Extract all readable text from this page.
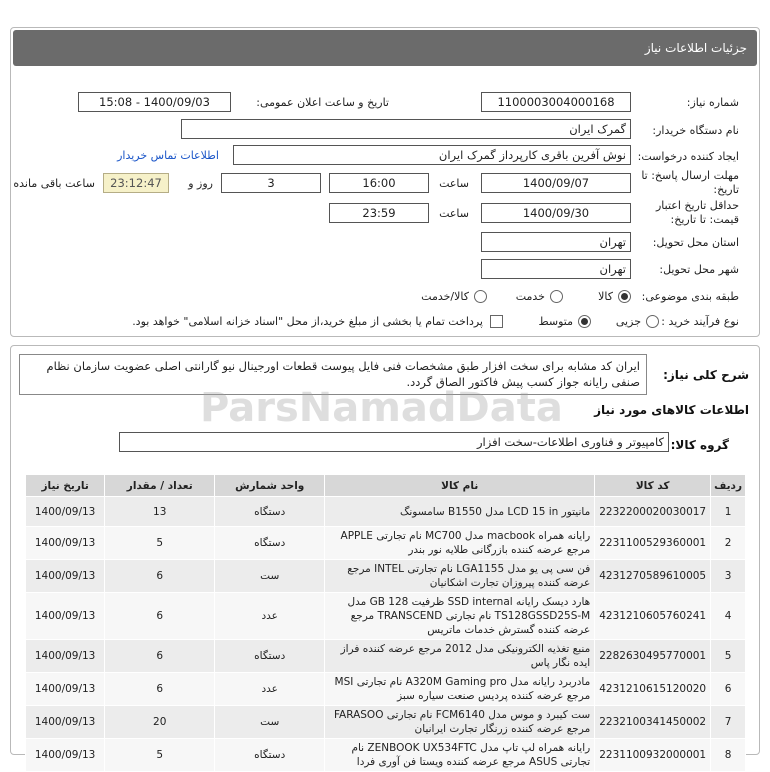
جزئیات اطلاعات نیاز
شماره نیاز:
1100003004000168
تاریخ و ساعت اعلان عمومی:
1400/09/03 - 15:08
نام دستگاه خریدار:
گمرک ایران
ایجاد کننده درخواست:
نوش آفرین باقری کارپرداز گمرک ایران
اطلاعات تماس خریدار
مهلت ارسال پاسخ: تا
تاریخ:
1400/09/07
ساعت
16:00
3
روز و
23:12:47
ساعت باقی مانده
حداقل تاریخ اعتبار
قیمت: تا تاریخ:
1400/09/30
ساعت
23:59
استان محل تحویل:
تهران
شهر محل تحویل:
تهران
طبقه بندی موضوعی:
کالا
خدمت
کالا/خدمت
نوع فرآیند خرید :
جزیی
متوسط
پرداخت تمام یا بخشی از مبلغ خرید،از محل "اسناد خزانه اسلامی" خواهد بود.
شرح کلی نیاز:
ایران کد مشابه برای سخت افزار طبق مشخصات فنی فایل پیوست قطعات اورجینال نیو گارانتی اصلی عضویت سازمان نظام صنفی رایانه جواز کسب پیش فاکتور الصاق گردد.
اطلاعات کالاهای مورد نیاز
گروه کالا:
کامپیوتر و فناوری اطلاعات-سخت افزار
ردیف	کد کالا	نام کالا	واحد شمارش	تعداد / مقدار	تاریخ نیاز
1	2232200020030017	مانیتور LCD 15 in مدل B1550 سامسونگ	دستگاه	13	1400/09/13
2	2231100529360001	رایانه همراه macbook مدل MC700 نام تجارتی APPLE مرجع عرضه کننده بازرگانی طلایه نور بندر	دستگاه	5	1400/09/13
3	4231270589610005	فن سی پی یو مدل LGA1155 نام تجارتی INTEL مرجع عرضه کننده پیروزان تجارت اشکانیان	ست	6	1400/09/13
4	4231210605760241	هارد دیسک رایانه SSD internal ظرفیت GB 128 مدل TS128GSSD25S-M نام تجارتی TRANSCEND مرجع عرضه کننده گسترش خدمات ماتریس	عدد	6	1400/09/13
5	2282630495770001	منبع تغذیه الکترونیکی مدل 2012 مرجع عرضه کننده فراز ایده نگار پاس	دستگاه	6	1400/09/13
6	4231210615120020	مادربرد رایانه مدل A320M Gaming pro نام تجارتی MSI مرجع عرضه کننده پردیس صنعت سیاره سبز	عدد	6	1400/09/13
7	2232100341450002	ست کیبرد و موس مدل FCM6140 نام تجارتی FARASOO مرجع عرضه کننده زرنگار تجارت ایرانیان	ست	20	1400/09/13
8	2231100932000001	رایانه همراه لپ تاپ مدل ZENBOOK UX534FTC نام تجارتی ASUS مرجع عرضه کننده ویستا فن آوری فردا	دستگاه	5	1400/09/13
ParsNamadData
